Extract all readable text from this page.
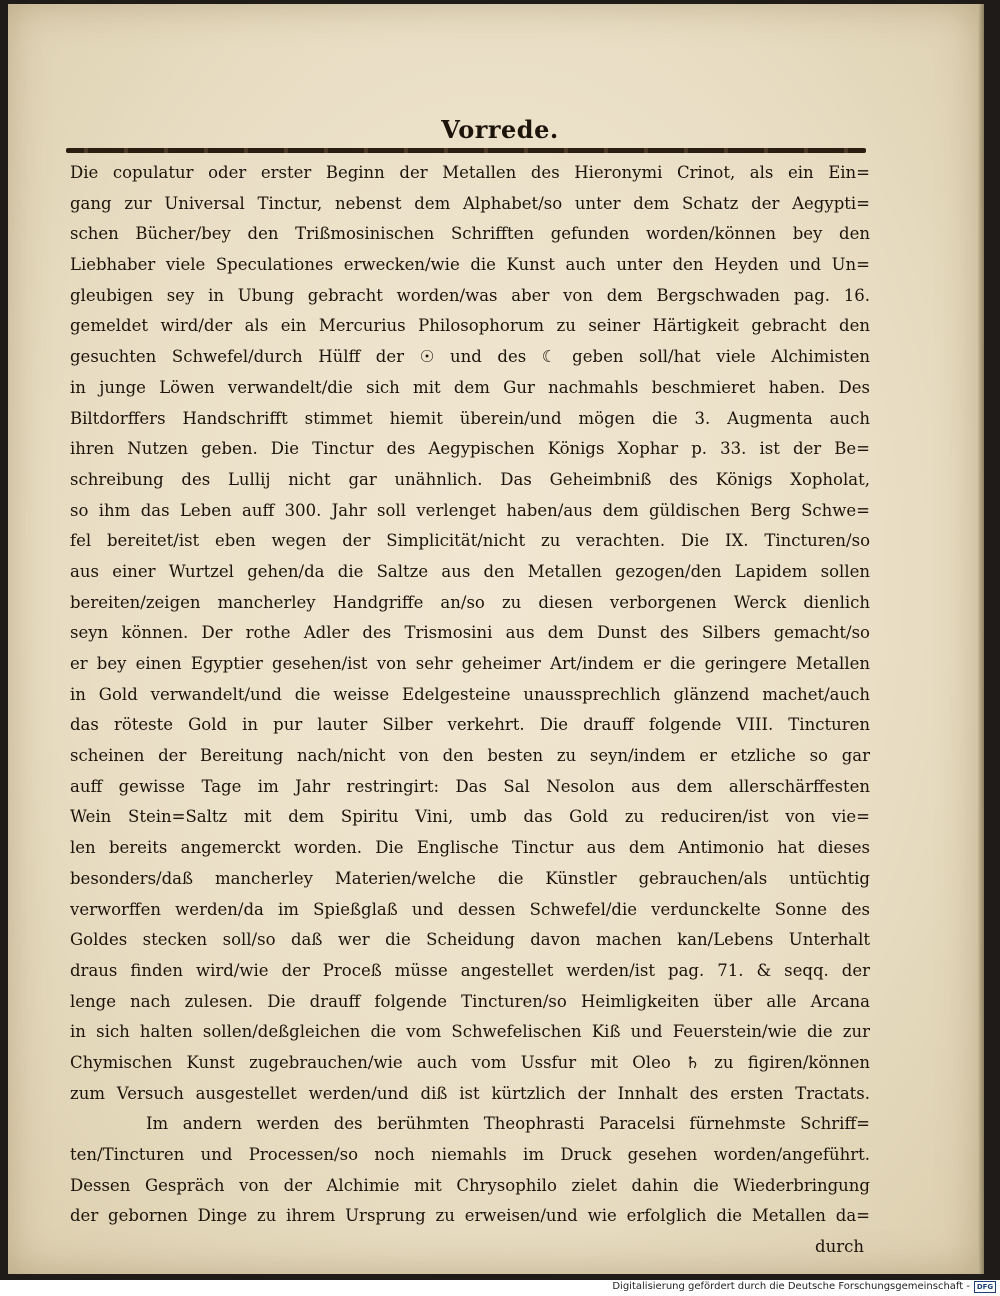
Vorrede.
Die copulatur oder erster Beginn der Metallen des Hieronymi Crinot, als ein Ein=
gang zur Universal Tinctur, nebenst dem Alphabet/so unter dem Schatz der Aegypti=
schen Bücher/bey den Trißmosinischen Schrifften gefunden worden/können bey den
Liebhaber viele Speculationes erwecken/wie die Kunst auch unter den Heyden und Un=
gleubigen sey in Ubung gebracht worden/was aber von dem Bergschwaden pag. 16.
gemeldet wird/der als ein Mercurius Philosophorum zu seiner Härtigkeit gebracht den
gesuchten Schwefel/durch Hülff der ☉ und des ☾ geben soll/hat viele Alchimisten
in junge Löwen verwandelt/die sich mit dem Gur nachmahls beschmieret haben. Des
Biltdorffers Handschrifft stimmet hiemit überein/und mögen die 3. Augmenta auch
ihren Nutzen geben. Die Tinctur des Aegypischen Königs Xophar p. 33. ist der Be=
schreibung des Lullij nicht gar unähnlich. Das Geheimbniß des Königs Xopholat,
so ihm das Leben auff 300. Jahr soll verlenget haben/aus dem güldischen Berg Schwe=
fel bereitet/ist eben wegen der Simplicität/nicht zu verachten. Die IX. Tincturen/so
aus einer Wurtzel gehen/da die Saltze aus den Metallen gezogen/den Lapidem sollen
bereiten/zeigen mancherley Handgriffe an/so zu diesen verborgenen Werck dienlich
seyn können. Der rothe Adler des Trismosini aus dem Dunst des Silbers gemacht/so
er bey einen Egyptier gesehen/ist von sehr geheimer Art/indem er die geringere Metallen
in Gold verwandelt/und die weisse Edelgesteine unaussprechlich glänzend machet/auch
das röteste Gold in pur lauter Silber verkehrt. Die drauff folgende VIII. Tincturen
scheinen der Bereitung nach/nicht von den besten zu seyn/indem er etzliche so gar
auff gewisse Tage im Jahr restringirt: Das Sal Nesolon aus dem allerschärffesten
Wein Stein=Saltz mit dem Spiritu Vini, umb das Gold zu reduciren/ist von vie=
len bereits angemerckt worden. Die Englische Tinctur aus dem Antimonio hat dieses
besonders/daß mancherley Materien/welche die Künstler gebrauchen/als untüchtig
verworffen werden/da im Spießglaß und dessen Schwefel/die verdunckelte Sonne des
Goldes stecken soll/so daß wer die Scheidung davon machen kan/Lebens Unterhalt
draus finden wird/wie der Proceß müsse angestellet werden/ist pag. 71. & seqq. der
lenge nach zulesen. Die drauff folgende Tincturen/so Heimligkeiten über alle Arcana
in sich halten sollen/deßgleichen die vom Schwefelischen Kiß und Feuerstein/wie die zur
Chymischen Kunst zugebrauchen/wie auch vom Ussfur mit Oleo ♄ zu figiren/können
zum Versuch ausgestellet werden/und diß ist kürtzlich der Innhalt des ersten Tractats.
Im andern werden des berühmten Theophrasti Paracelsi fürnehmste Schriff=
ten/Tincturen und Processen/so noch niemahls im Druck gesehen worden/angeführt.
Dessen Gespräch von der Alchimie mit Chrysophilo zielet dahin die Wiederbringung
der gebornen Dinge zu ihrem Ursprung zu erweisen/und wie erfolglich die Metallen da=
durch
Digitalisierung gefördert durch die Deutsche Forschungsgemeinschaft - DFG
